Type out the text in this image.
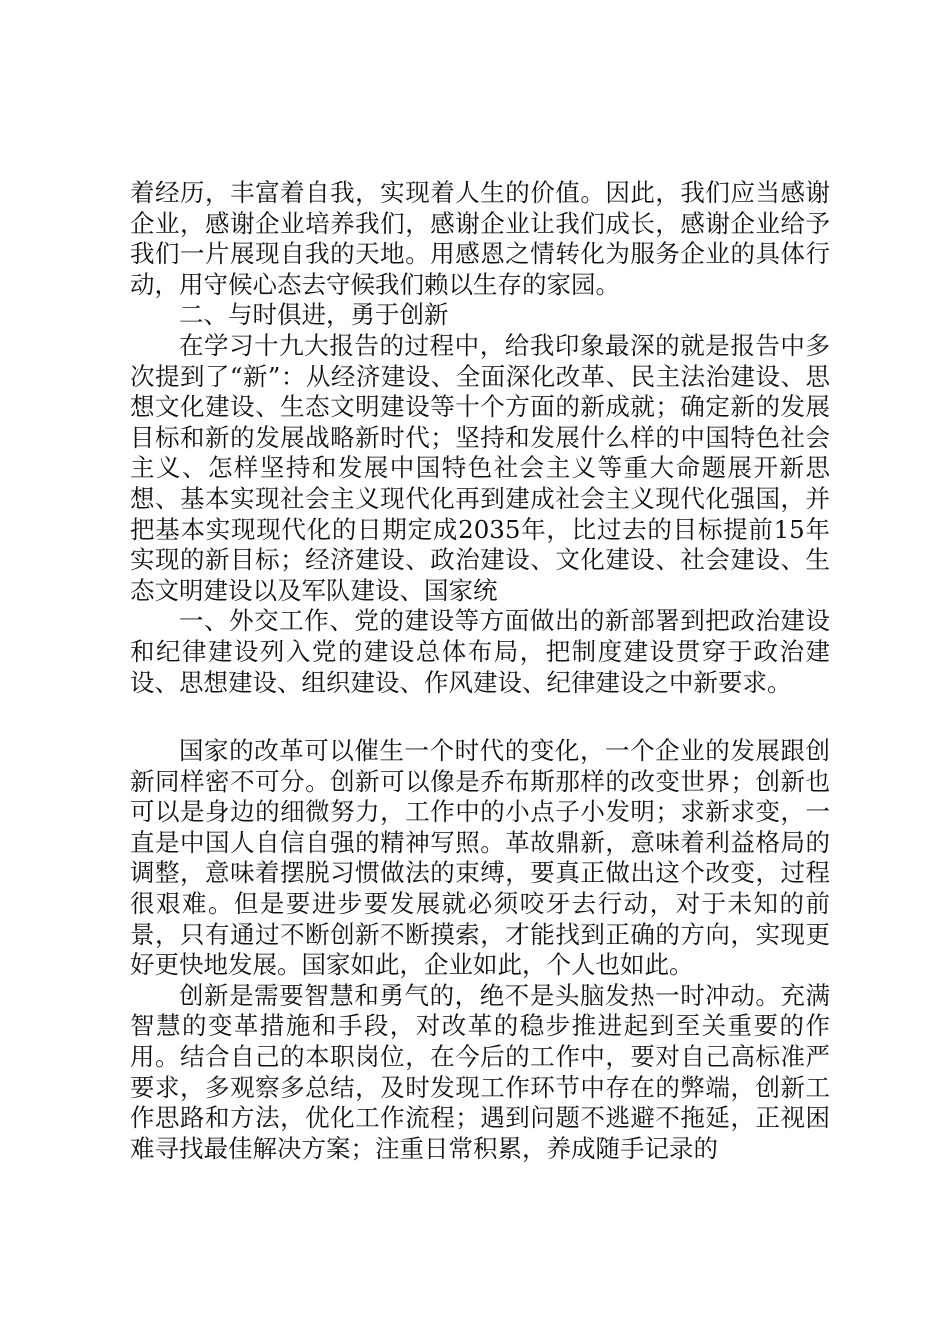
着经历，丰富着自我，实现着人生的价值。因此，我们应当感谢企业，感谢企业培养我们，感谢企业让我们成长，感谢企业给予我们一片展现自我的天地。用感恩之情转化为服务企业的具体行动，用守候心态去守候我们赖以生存的家园。

二、与时俱进，勇于创新

在学习十九大报告的过程中，给我印象最深的就是报告中多次提到了“新”：从经济建设、全面深化改革、民主法治建设、思想文化建设、生态文明建设等十个方面的新成就；确定新的发展目标和新的发展战略新时代；坚持和发展什么样的中国特色社会主义、怎样坚持和发展中国特色社会主义等重大命题展开新思想、基本实现社会主义现代化再到建成社会主义现代化强国，并把基本实现现代化的日期定成2035年，比过去的目标提前15年实现的新目标；经济建设、政治建设、文化建设、社会建设、生态文明建设以及军队建设、国家统

一、外交工作、党的建设等方面做出的新部署到把政治建设和纪律建设列入党的建设总体布局，把制度建设贯穿于政治建设、思想建设、组织建设、作风建设、纪律建设之中新要求。

国家的改革可以催生一个时代的变化，一个企业的发展跟创新同样密不可分。创新可以像是乔布斯那样的改变世界；创新也可以是身边的细微努力，工作中的小点子小发明；求新求变，一直是中国人自信自强的精神写照。革故鼎新，意味着利益格局的调整，意味着摆脱习惯做法的束缚，要真正做出这个改变，过程很艰难。但是要进步要发展就必须咬牙去行动，对于未知的前景，只有通过不断创新不断摸索，才能找到正确的方向，实现更好更快地发展。国家如此，企业如此，个人也如此。

创新是需要智慧和勇气的，绝不是头脑发热一时冲动。充满智慧的变革措施和手段，对改革的稳步推进起到至关重要的作用。结合自己的本职岗位，在今后的工作中，要对自己高标准严要求，多观察多总结，及时发现工作环节中存在的弊端，创新工作思路和方法，优化工作流程；遇到问题不逃避不拖延，正视困难寻找最佳解决方案；注重日常积累，养成随手记录的
